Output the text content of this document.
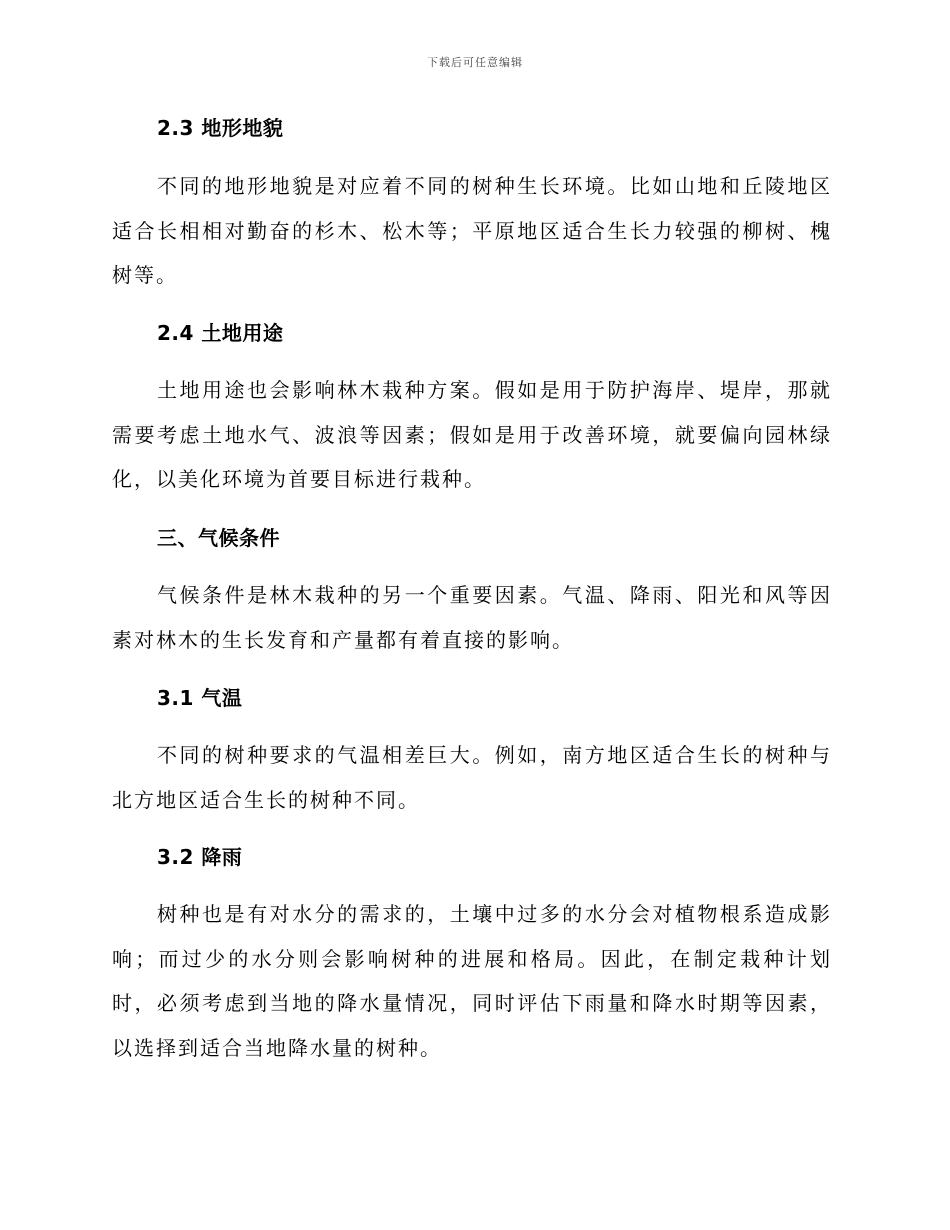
下载后可任意编辑
2.3 地形地貌

不同的地形地貌是对应着不同的树种生长环境。比如山地和丘陵地区适合长相相对勤奋的杉木、松木等；平原地区适合生长力较强的柳树、槐树等。

2.4 土地用途

土地用途也会影响林木栽种方案。假如是用于防护海岸、堤岸，那就需要考虑土地水气、波浪等因素；假如是用于改善环境，就要偏向园林绿化，以美化环境为首要目标进行栽种。

三、气候条件

气候条件是林木栽种的另一个重要因素。气温、降雨、阳光和风等因素对林木的生长发育和产量都有着直接的影响。

3.1 气温

不同的树种要求的气温相差巨大。例如，南方地区适合生长的树种与北方地区适合生长的树种不同。

3.2 降雨

树种也是有对水分的需求的，土壤中过多的水分会对植物根系造成影响；而过少的水分则会影响树种的进展和格局。因此，在制定栽种计划时，必须考虑到当地的降水量情况，同时评估下雨量和降水时期等因素，以选择到适合当地降水量的树种。
